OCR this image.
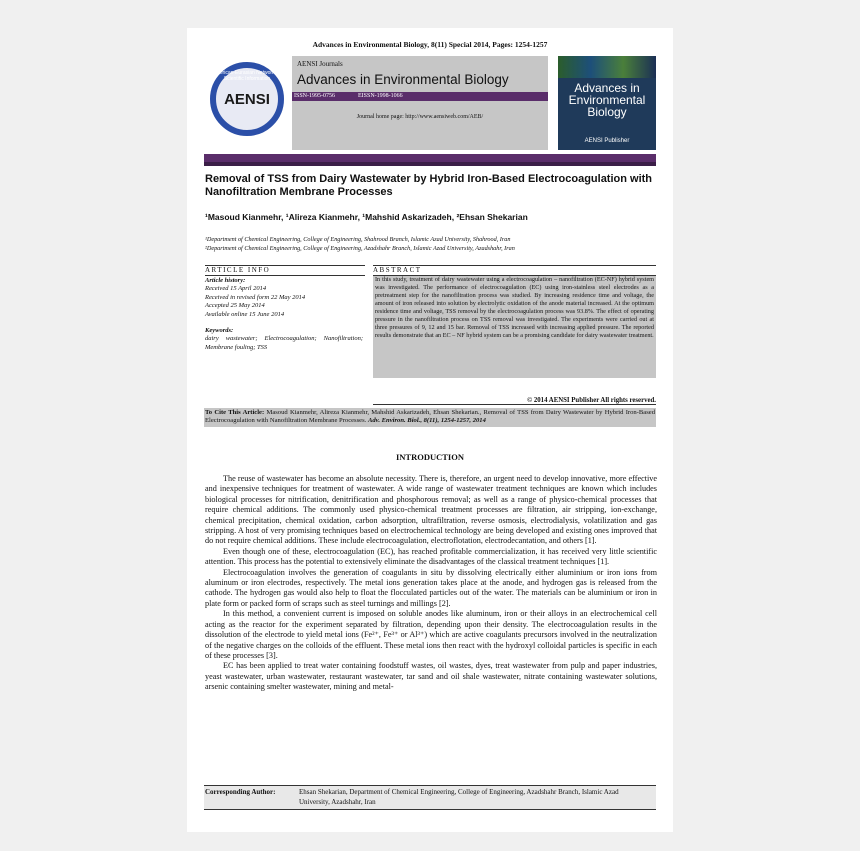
Advances in Environmental Biology, 8(11) Special 2014, Pages: 1254-1257
American-Eurasian Network for Scientific Information
AENSI
AENSI Journals
Advances in Environmental Biology
ISSN-1995-0756	EISSN-1998-1066
Journal home page: http://www.aensiweb.com/AEB/
Advances in Environmental Biology
AENSI Publisher
Removal of TSS from Dairy Wastewater by Hybrid Iron-Based Electrocoagulation with Nanofiltration Membrane Processes
¹Masoud Kianmehr, ¹Alireza Kianmehr, ¹Mahshid Askarizadeh, ²Ehsan Shekarian
¹Department of Chemical Engineering, College of Engineering, Shahrood Branch, Islamic Azad University, Shahrood, Iran
²Department of Chemical Engineering, College of Engineering, Azadshahr Branch, Islamic Azad University, Azadshahr, Iran
ARTICLE INFO	ABSTRACT
Article history:
Received 15 April 2014
Received in revised form 22 May 2014
Accepted 25 May 2014
Available online 15 June 2014
Keywords:
dairy wastewater; Electrocoagulation; Nanofiltration; Membrane fouling; TSS
In this study, treatment of dairy wastewater using a electrocoagulation – nanofiltration (EC-NF) hybrid system was investigated. The performance of electrocoagulation (EC) using iron-stainless steel electrodes as a pretreatment step for the nanofiltration process was studied. By increasing residence time and voltage, the amount of iron released into solution by electrolytic oxidation of the anode material increased. At the optimum residence time and voltage, TSS removal by the electrocoagulation process was 93.8%. The effect of operating pressure in the nanofiltration process on TSS removal was investigated. The experiments were carried out at three pressures of 9, 12 and 15 bar. Removal of TSS increased with increasing applied pressure. The reported results demonstrate that an EC – NF hybrid system can be a promising candidate for dairy wastewater treatment.
© 2014 AENSI Publisher All rights reserved.
To Cite This Article: Masoud Kianmehr, Alireza Kianmehr, Mahshid Askarizadeh, Ehsan Shekarian., Removal of TSS from Dairy Wastewater by Hybrid Iron-Based Electrocoagulation with Nanofiltration Membrane Processes. Adv. Environ. Biol., 8(11), 1254-1257, 2014
INTRODUCTION

The reuse of wastewater has become an absolute necessity. There is, therefore, an urgent need to develop innovative, more effective and inexpensive techniques for treatment of wastewater. A wide range of wastewater treatment techniques are known which includes biological processes for nitrification, denitrification and phosphorous removal; as well as a range of physico-chemical processes that require chemical additions. The commonly used physico-chemical treatment processes are filtration, air stripping, ion-exchange, chemical precipitation, chemical oxidation, carbon adsorption, ultrafiltration, reverse osmosis, electrodialysis, volatilization and gas stripping. A host of very promising techniques based on electrochemical technology are being developed and existing ones improved that do not require chemical additions. These include electrocoagulation, electroflotation, electrodecantation, and others [1].

Even though one of these, electrocoagulation (EC), has reached profitable commercialization, it has received very little scientific attention. This process has the potential to extensively eliminate the disadvantages of the classical treatment techniques [1].

Electrocoagulation involves the generation of coagulants in situ by dissolving electrically either aluminium or iron ions from aluminum or iron electrodes, respectively. The metal ions generation takes place at the anode, and hydrogen gas is released from the cathode. The hydrogen gas would also help to float the flocculated particles out of the water. The materials can be aluminium or iron in plate form or packed form of scraps such as steel turnings and millings [2].

In this method, a convenient current is imposed on soluble anodes like aluminum, iron or their alloys in an electrochemical cell acting as the reactor for the experiment separated by filtration, depending upon their density. The electrocoagulation results in the dissolution of the electrode to yield metal ions (Fe²⁺, Fe³⁺ or Al³⁺) which are active coagulants precursors involved in the neutralization of the negative charges on the colloids of the effluent. These metal ions then react with the hydroxyl colloidal particles is specific in each of these processes [3].

EC has been applied to treat water containing foodstuff wastes, oil wastes, dyes, treat wastewater from pulp and paper industries, yeast wastewater, urban wastewater, restaurant wastewater, tar sand and oil shale wastewater, nitrate containing wastewater solutions, arsenic containing smelter wastewater, mining and metal-

Corresponding Author:	Ehsan Shekarian, Department of Chemical Engineering, College of Engineering, Azadshahr Branch, Islamic Azad University, Azadshahr, Iran
